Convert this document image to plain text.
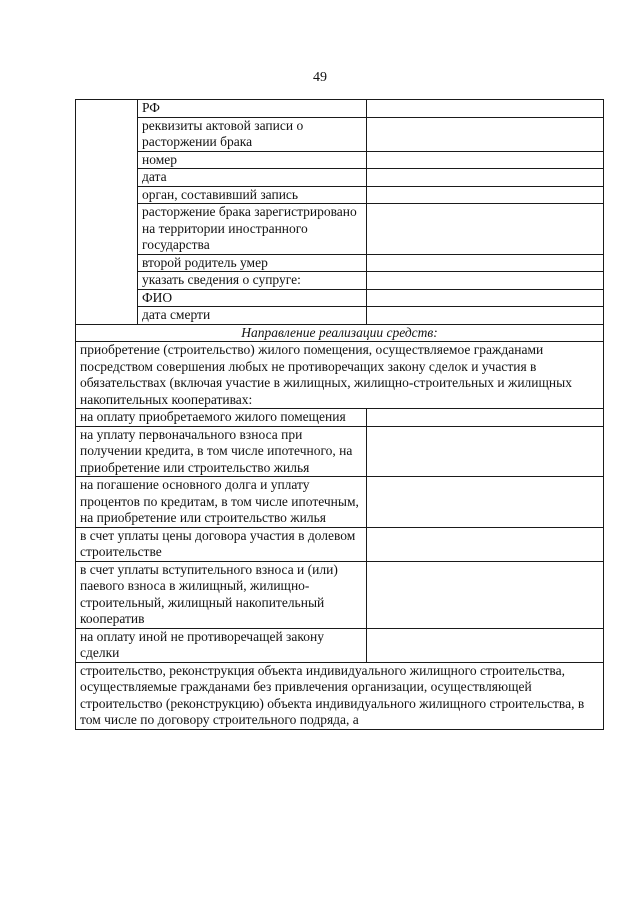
49
	РФ	
	реквизиты актовой записи о расторжении брака	
	номер	
	дата	
	орган, составивший запись	
	расторжение брака зарегистрировано на территории иностранного государства	
	второй родитель умер	
	указать сведения о супруге:	
	ФИО	
	дата смерти	
Направление реализации средств:		
приобретение (строительство) жилого помещения, осуществляемое гражданами посредством совершения любых не противоречащих закону сделок и участия в обязательствах (включая участие в жилищных, жилищно-строительных и жилищных накопительных кооперативах:		
на оплату приобретаемого жилого помещения		
на уплату первоначального взноса при получении кредита, в том числе ипотечного, на приобретение или строительство жилья		
на погашение основного долга и уплату процентов по кредитам, в том числе ипотечным, на приобретение или строительство жилья		
в счет уплаты цены договора участия в долевом строительстве		
в счет уплаты вступительного взноса и (или) паевого взноса в жилищный, жилищно-строительный, жилищный накопительный кооператив		
на оплату иной не противоречащей закону сделки		
строительство, реконструкция объекта индивидуального жилищного строительства, осуществляемые гражданами без привлечения организации, осуществляющей строительство (реконструкцию) объекта индивидуального жилищного строительства, в том числе по договору строительного подряда, а		
